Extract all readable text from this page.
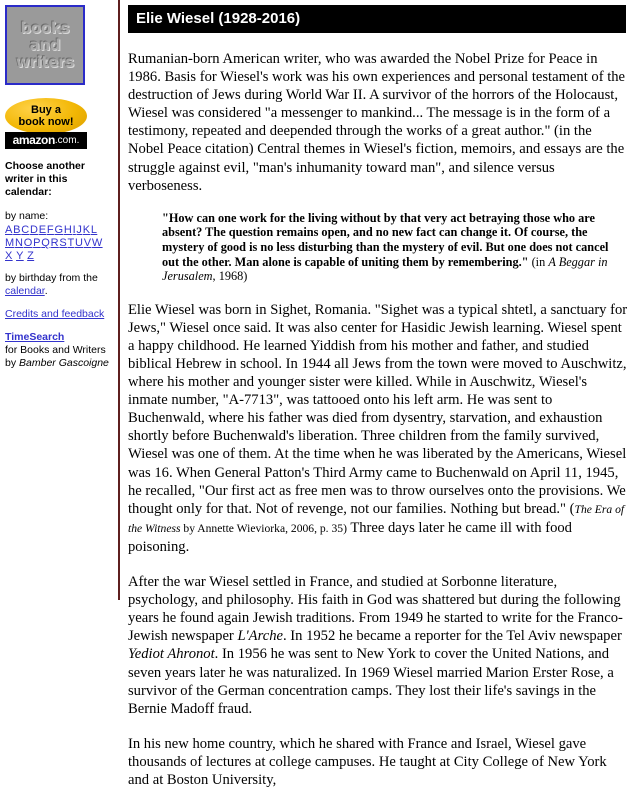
books
and
writers
Buy a
book now!
amazon .com.
Choose another writer in this calendar:
by name:
ABCDEFGHIJKL
MNOPQRSTUVW
X Y Z
by birthday from the calendar.
Credits and feedback
TimeSearch
for Books and Writers
by Bamber Gascoigne
Elie Wiesel (1928-2016)

Rumanian-born American writer, who was awarded the Nobel Prize for Peace in 1986. Basis for Wiesel's work was his own experiences and personal testament of the destruction of Jews during World War II. A survivor of the horrors of the Holocaust, Wiesel was considered "a messenger to mankind... The message is in the form of a testimony, repeated and deepended through the works of a great author." (in the Nobel Peace citation) Central themes in Wiesel's fiction, memoirs, and essays are the struggle against evil, "man's inhumanity toward man", and silence versus verboseness.

"How can one work for the living without by that very act betraying those who are absent? The question remains open, and no new fact can change it. Of course, the mystery of good is no less disturbing than the mystery of evil. But one does not cancel out the other. Man alone is capable of uniting them by remembering." (in A Beggar in Jerusalem, 1968)

Elie Wiesel was born in Sighet, Romania. "Sighet was a typical shtetl, a sanctuary for Jews," Wiesel once said. It was also center for Hasidic Jewish learning. Wiesel spent a happy childhood. He learned Yiddish from his mother and father, and studied biblical Hebrew in school. In 1944 all Jews from the town were moved to Auschwitz, where his mother and younger sister were killed. While in Auschwitz, Wiesel's inmate number, "A-7713", was tattooed onto his left arm. He was sent to Buchenwald, where his father was died from dysentry, starvation, and exhaustion shortly before Buchenwald's liberation. Three children from the family survived, Wiesel was one of them. At the time when he was liberated by the Americans, Wiesel was 16. When General Patton's Third Army came to Buchenwald on April 11, 1945, he recalled, "Our first act as free men was to throw ourselves onto the provisions. We thought only for that. Not of revenge, not our families. Nothing but bread." (The Era of the Witness by Annette Wieviorka, 2006, p. 35) Three days later he came ill with food poisoning.

After the war Wiesel settled in France, and studied at Sorbonne literature, psychology, and philosophy. His faith in God was shattered but during the following years he found again Jewish traditions. From 1949 he started to write for the Franco-Jewish newspaper L'Arche. In 1952 he became a reporter for the Tel Aviv newspaper Yediot Ahronot. In 1956 he was sent to New York to cover the United Nations, and seven years later he was naturalized. In 1969 Wiesel married Marion Erster Rose, a survivor of the German concentration camps. They lost their life's savings in the Bernie Madoff fraud.

In his new home country, which he shared with France and Israel, Wiesel gave thousands of lectures at college campuses. He taught at City College of New York and at Boston University,
